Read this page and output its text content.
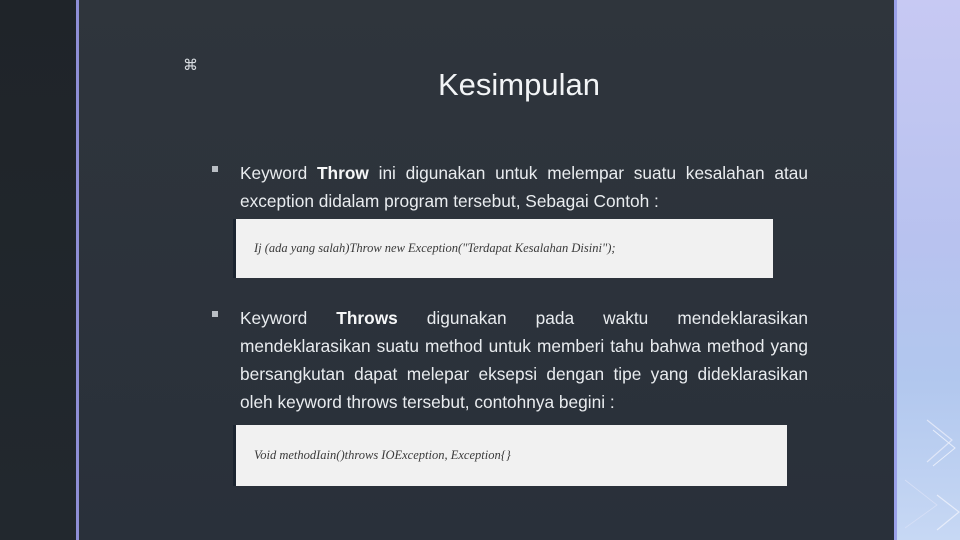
⌘
Kesimpulan
Keyword Throw ini digunakan untuk melempar suatu kesalahan atau exception didalam program tersebut, Sebagai Contoh :
Ij (ada yang salah)Throw new Exception("Terdapat Kesalahan Disini");
Keyword Throws digunakan pada waktu mendeklarasikan mendeklarasikan suatu method untuk memberi tahu bahwa method yang bersangkutan dapat melepar eksepsi dengan tipe yang dideklarasikan oleh keyword throws tersebut, contohnya begini :
Void methodIain()throws IOException, Exception{}
